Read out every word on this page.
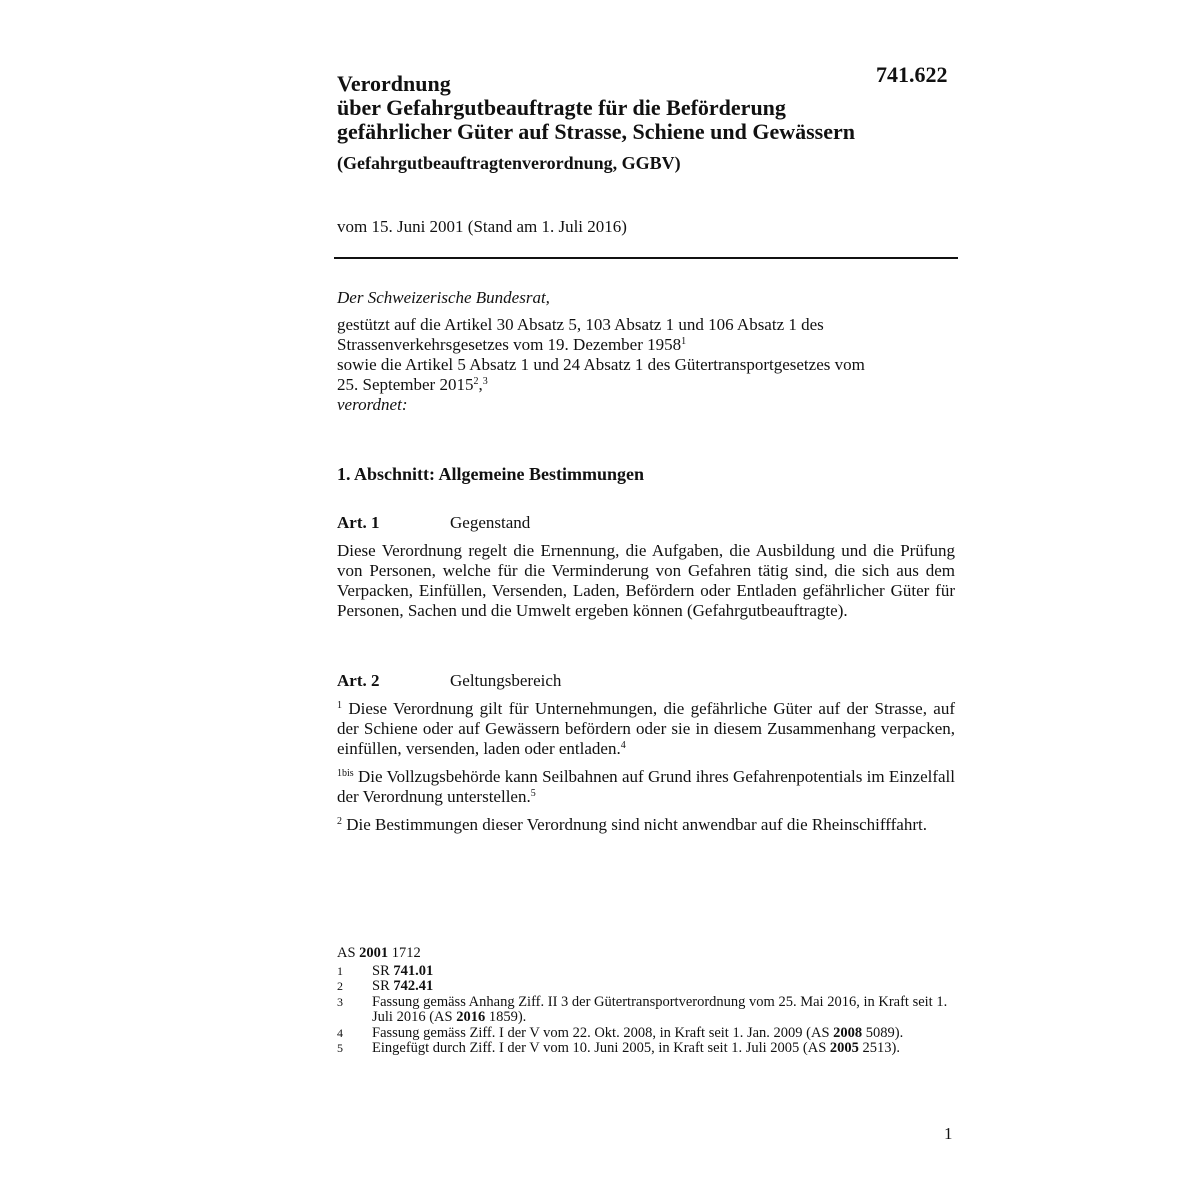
741.622
Verordnung
über Gefahrgutbeauftragte für die Beförderung
gefährlicher Güter auf Strasse, Schiene und Gewässern
(Gefahrgutbeauftragtenverordnung, GGBV)
vom 15. Juni 2001 (Stand am 1. Juli 2016)

Der Schweizerische Bundesrat,

gestützt auf die Artikel 30 Absatz 5, 103 Absatz 1 und 106 Absatz 1 des
Strassenverkehrsgesetzes vom 19. Dezember 1958$^1$

sowie die Artikel 5 Absatz 1 und 24 Absatz 1 des Gütertransportgesetzes vom
25. September 2015$^2$,$^3$

verordnet:

1. Abschnitt: Allgemeine Bestimmungen
Art. 1	Gegenstand

Diese Verordnung regelt die Ernennung, die Aufgaben, die Ausbildung und die Prüfung von Personen, welche für die Verminderung von Gefahren tätig sind, die sich aus dem Verpacken, Einfüllen, Versenden, Laden, Befördern oder Entladen gefährlicher Güter für Personen, Sachen und die Umwelt ergeben können (Gefahrgutbeauftragte).

Art. 2	Geltungsbereich

$^1$ Diese Verordnung gilt für Unternehmungen, die gefährliche Güter auf der Strasse, auf der Schiene oder auf Gewässern befördern oder sie in diesem Zusammenhang verpacken, einfüllen, versenden, laden oder entladen.$^4$

$^{1bis}$ Die Vollzugsbehörde kann Seilbahnen auf Grund ihres Gefahrenpotentials im Einzelfall der Verordnung unterstellen.$^5$

$^2$ Die Bestimmungen dieser Verordnung sind nicht anwendbar auf die Rheinschifffahrt.

AS 2001 1712
1	SR 741.01
2	SR 742.41
3	Fassung gemäss Anhang Ziff. II 3 der Gütertransportverordnung vom 25. Mai 2016, in Kraft seit 1. Juli 2016 (AS 2016 1859).
4	Fassung gemäss Ziff. I der V vom 22. Okt. 2008, in Kraft seit 1. Jan. 2009 (AS 2008 5089).
5	Eingefügt durch Ziff. I der V vom 10. Juni 2005, in Kraft seit 1. Juli 2005 (AS 2005 2513).
1
